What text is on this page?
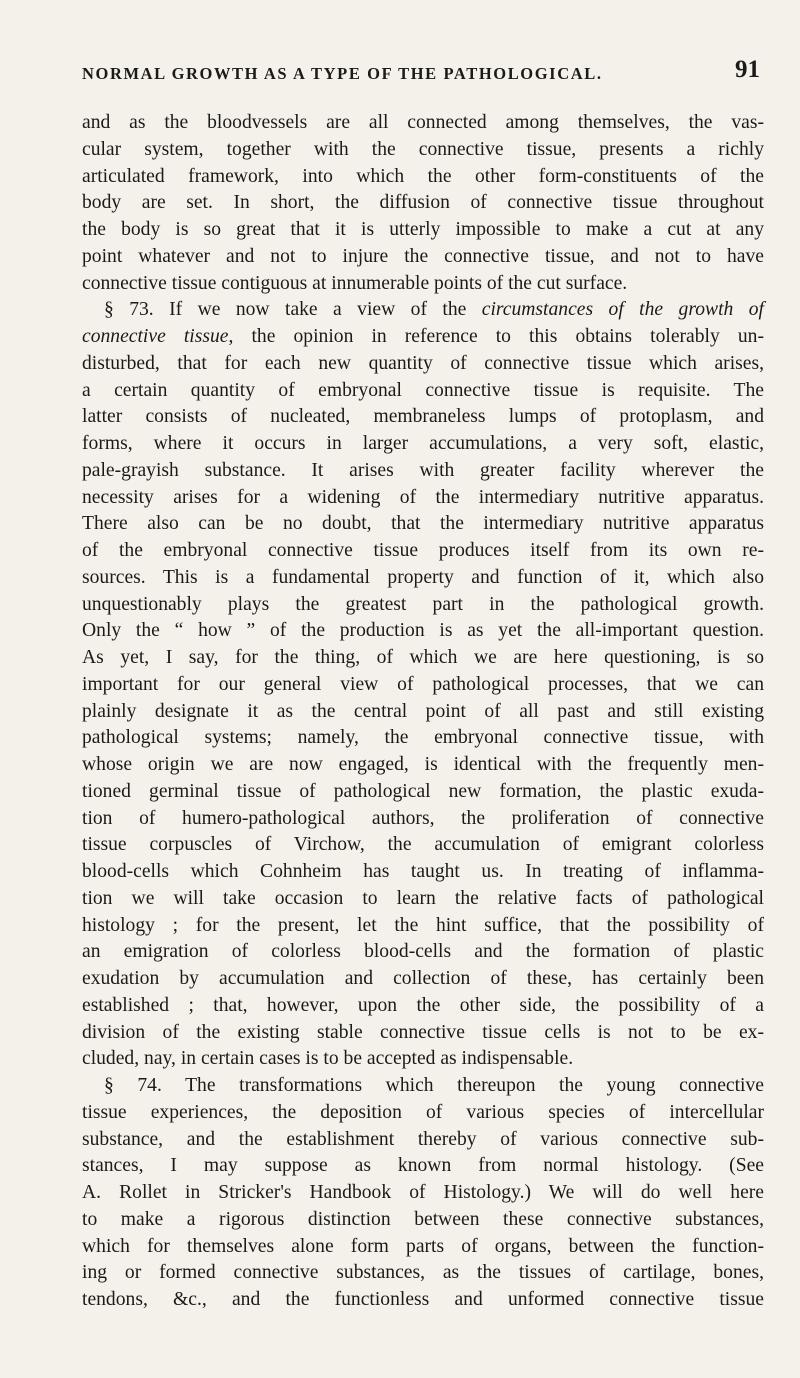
NORMAL GROWTH AS A TYPE OF THE PATHOLOGICAL.	91
and as the bloodvessels are all connected among themselves, the vas-
cular system, together with the connective tissue, presents a richly
articulated framework, into which the other form-constituents of the
body are set. In short, the diffusion of connective tissue throughout
the body is so great that it is utterly impossible to make a cut at any
point whatever and not to injure the connective tissue, and not to have
connective tissue contiguous at innumerable points of the cut surface.
§ 73. If we now take a view of the circumstances of the growth of
connective tissue, the opinion in reference to this obtains tolerably un-
disturbed, that for each new quantity of connective tissue which arises,
a certain quantity of embryonal connective tissue is requisite. The
latter consists of nucleated, membraneless lumps of protoplasm, and
forms, where it occurs in larger accumulations, a very soft, elastic,
pale-grayish substance. It arises with greater facility wherever the
necessity arises for a widening of the intermediary nutritive apparatus.
There also can be no doubt, that the intermediary nutritive apparatus
of the embryonal connective tissue produces itself from its own re-
sources. This is a fundamental property and function of it, which also
unquestionably plays the greatest part in the pathological growth.
Only the “ how ” of the production is as yet the all-important question.
As yet, I say, for the thing, of which we are here questioning, is so
important for our general view of pathological processes, that we can
plainly designate it as the central point of all past and still existing
pathological systems; namely, the embryonal connective tissue, with
whose origin we are now engaged, is identical with the frequently men-
tioned germinal tissue of pathological new formation, the plastic exuda-
tion of humero-pathological authors, the proliferation of connective
tissue corpuscles of Virchow, the accumulation of emigrant colorless
blood-cells which Cohnheim has taught us. In treating of inflamma-
tion we will take occasion to learn the relative facts of pathological
histology ; for the present, let the hint suffice, that the possibility of
an emigration of colorless blood-cells and the formation of plastic
exudation by accumulation and collection of these, has certainly been
established ; that, however, upon the other side, the possibility of a
division of the existing stable connective tissue cells is not to be ex-
cluded, nay, in certain cases is to be accepted as indispensable.
§ 74. The transformations which thereupon the young connective
tissue experiences, the deposition of various species of intercellular
substance, and the establishment thereby of various connective sub-
stances, I may suppose as known from normal histology. (See
A. Rollet in Stricker's Handbook of Histology.) We will do well here
to make a rigorous distinction between these connective substances,
which for themselves alone form parts of organs, between the function-
ing or formed connective substances, as the tissues of cartilage, bones,
tendons, &c., and the functionless and unformed connective tissue
